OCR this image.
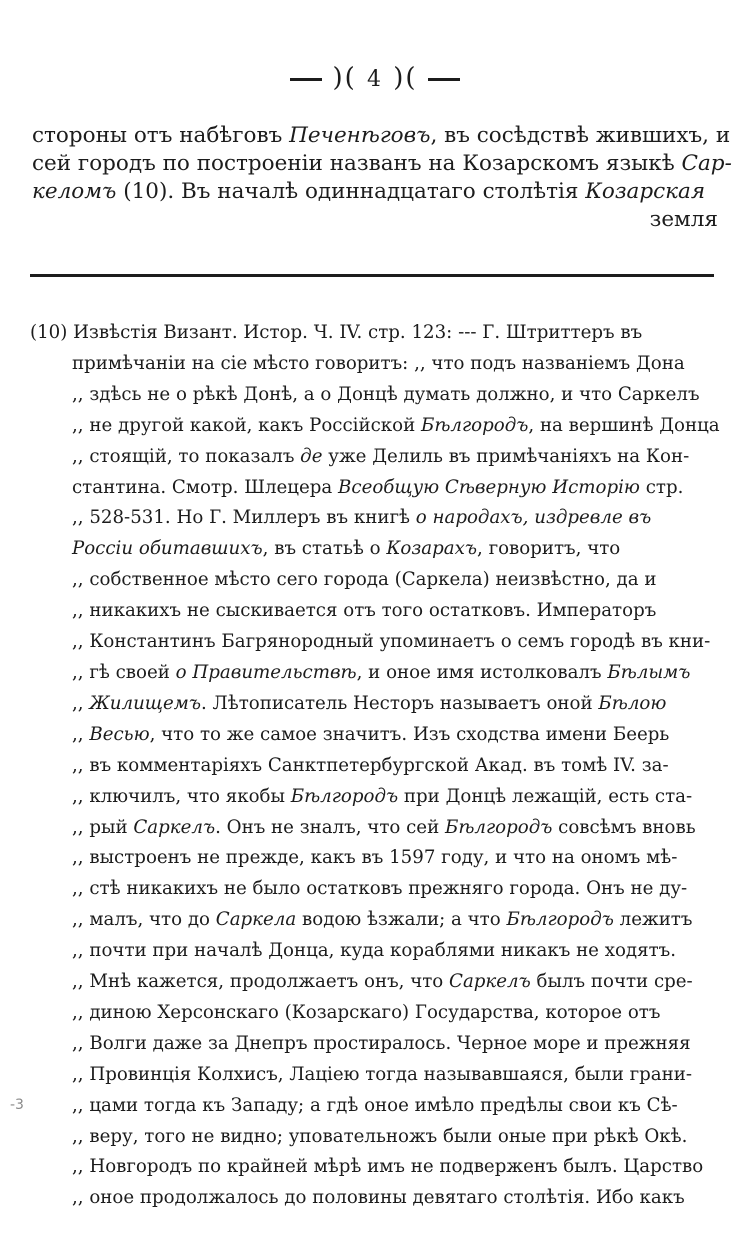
)( 4 )(
стороны отъ набѣговъ Печенѣговъ, въ сосѣдствѣ жившихъ, и
сей городъ по построеніи названъ на Козарскомъ языкѣ Сар-
келомъ (10). Въ началѣ одиннадцатаго столѣтія Козарская
земля
(10) Извѣстія Визант. Истор. Ч. IV. стр. 123: --- Г. Штриттеръ въ
примѣчаніи на сіе мѣсто говоритъ: ,, что подъ названіемъ Дона
,, здѣсь не о рѣкѣ Донѣ, а о Донцѣ думать должно, и что Саркелъ
,, не другой какой, какъ Россійской Бѣлгородъ, на вершинѣ Донца
,, стоящій, то показалъ де уже Делиль въ примѣчаніяхъ на Кон-
стантина. Смотр. Шлецера Всеобщую Сѣверную Исторію стр.
,, 528-531. Но Г. Миллеръ въ книгѣ о народахъ, издревле въ
Россіи обитавшихъ, въ статьѣ о Козарахъ, говоритъ, что
,, собственное мѣсто сего города (Саркела) неизвѣстно, да и
,, никакихъ не сыскивается отъ того остатковъ. Императоръ
,, Константинъ Багрянородный упоминаетъ о семъ городѣ въ кни-
,, гѣ своей о Правительствѣ, и оное имя истолковалъ Бѣлымъ
,, Жилищемъ. Лѣтописатель Несторъ называетъ оной Бѣлою
,, Весью, что то же самое значитъ. Изъ сходства имени Беерь
,, въ комментаріяхъ Санктпетербургской Акад. въ томѣ IV. за-
,, ключилъ, что якобы Бѣлгородъ при Донцѣ лежащій, есть ста-
,, рый Саркелъ. Онъ не зналъ, что сей Бѣлгородъ совсѣмъ вновь
,, выстроенъ не прежде, какъ въ 1597 году, и что на ономъ мѣ-
,, стѣ никакихъ не было остатковъ прежняго города. Онъ не ду-
,, малъ, что до Саркела водою ѣзжали; а что Бѣлгородъ лежитъ
,, почти при началѣ Донца, куда кораблями никакъ не ходятъ.
,, Мнѣ кажется, продолжаетъ онъ, что Саркелъ былъ почти сре-
,, диною Херсонскаго (Козарскаго) Государства, которое отъ
,, Волги даже за Днепръ простиралось. Черное море и прежняя
,, Провинція Колхисъ, Лаціею тогда называвшаяся, были грани-
,, цами тогда къ Западу; а гдѣ оное имѣло предѣлы свои къ Сѣ-
,, веру, того не видно; уповательножъ были оные при рѣкѣ Окѣ.
,, Новгородъ по крайней мѣрѣ имъ не подверженъ былъ. Царство
,, оное продолжалось до половины девятаго столѣтія. Ибо какъ
-3
